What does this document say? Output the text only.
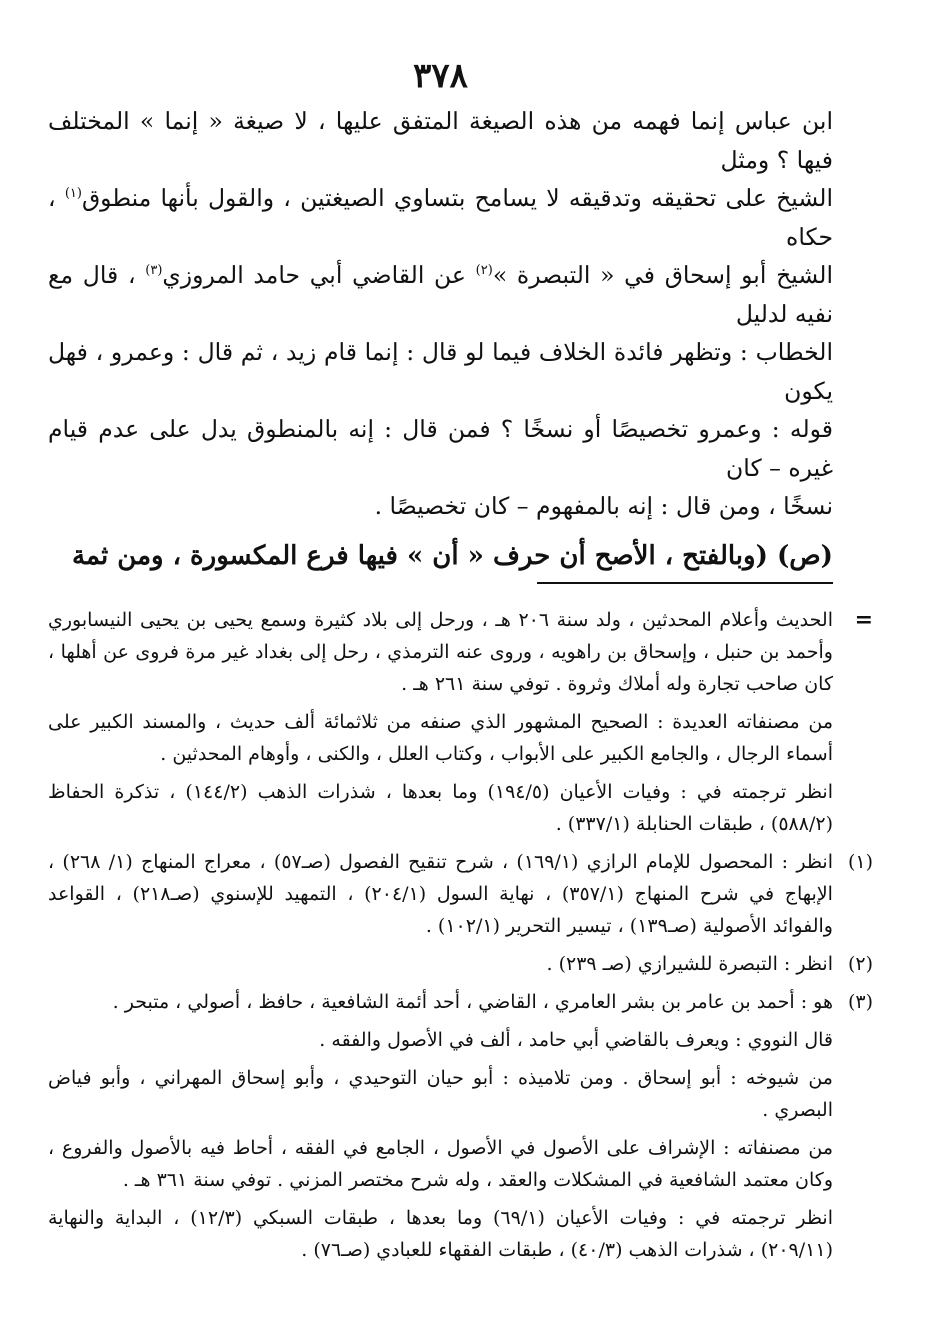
٣٧٨

ابن عباس إنما فهمه من هذه الصيغة المتفق عليها ، لا صيغة « إنما » المختلف فيها ؟ ومثل

الشيخ على تحقيقه وتدقيقه لا يسامح بتساوي الصيغتين ، والقول بأنها منطوق$^{(١)}$ ، حكاه

الشيخ أبو إسحاق في « التبصرة »$^{(٢)}$ عن القاضي أبي حامد المروزي$^{(٣)}$ ، قال مع نفيه لدليل

الخطاب : وتظهر فائدة الخلاف فيما لو قال : إنما قام زيد ، ثم قال : وعمرو ، فهل يكون

قوله : وعمرو تخصيصًا أو نسخًا ؟ فمن قال : إنه بالمنطوق يدل على عدم قيام غيره – كان

نسخًا ، ومن قال : إنه بالمفهوم – كان تخصيصًا .

(ص) (وبالفتح ، الأصح أن حرف « أن » فيها فرع المكسورة ، ومن ثمة

=

الحديث وأعلام المحدثين ، ولد سنة ٢٠٦ هـ ، ورحل إلى بلاد كثيرة وسمع يحيى بن يحيى النيسابوري وأحمد بن حنبل ، وإسحاق بن راهويه ، وروى عنه الترمذي ، رحل إلى بغداد غير مرة فروى عن أهلها ، كان صاحب تجارة وله أملاك وثروة . توفي سنة ٢٦١ هـ .

من مصنفاته العديدة : الصحيح المشهور الذي صنفه من ثلاثمائة ألف حديث ، والمسند الكبير على أسماء الرجال ، والجامع الكبير على الأبواب ، وكتاب العلل ، والكنى ، وأوهام المحدثين .

انظر ترجمته في : وفيات الأعيان (١٩٤/٥) وما بعدها ، شذرات الذهب (١٤٤/٢) ، تذكرة الحفاظ (٥٨٨/٢) ، طبقات الحنابلة (٣٣٧/١) .

(١)

انظر : المحصول للإمام الرازي (١٦٩/١) ، شرح تنقيح الفصول (صـ٥٧) ، معراج المنهاج (١/ ٢٦٨) ، الإبهاج في شرح المنهاج (٣٥٧/١) ، نهاية السول (٢٠٤/١) ، التمهيد للإسنوي (صـ٢١٨) ، القواعد والفوائد الأصولية (صـ١٣٩) ، تيسير التحرير (١٠٢/١) .

(٢)

انظر : التبصرة للشيرازي (صـ ٢٣٩) .

(٣)

هو : أحمد بن عامر بن بشر العامري ، القاضي ، أحد أئمة الشافعية ، حافظ ، أصولي ، متبحر .

قال النووي : ويعرف بالقاضي أبي حامد ، ألف في الأصول والفقه .

من شيوخه : أبو إسحاق . ومن تلاميذه : أبو حيان التوحيدي ، وأبو إسحاق المهراني ، وأبو فياض البصري .

من مصنفاته : الإشراف على الأصول في الأصول ، الجامع في الفقه ، أحاط فيه بالأصول والفروع ، وكان معتمد الشافعية في المشكلات والعقد ، وله شرح مختصر المزني . توفي سنة ٣٦١ هـ .

انظر ترجمته في : وفيات الأعيان (٦٩/١) وما بعدها ، طبقات السبكي (١٢/٣) ، البداية والنهاية (٢٠٩/١١) ، شذرات الذهب (٤٠/٣) ، طبقات الفقهاء للعبادي (صـ٧٦) .
